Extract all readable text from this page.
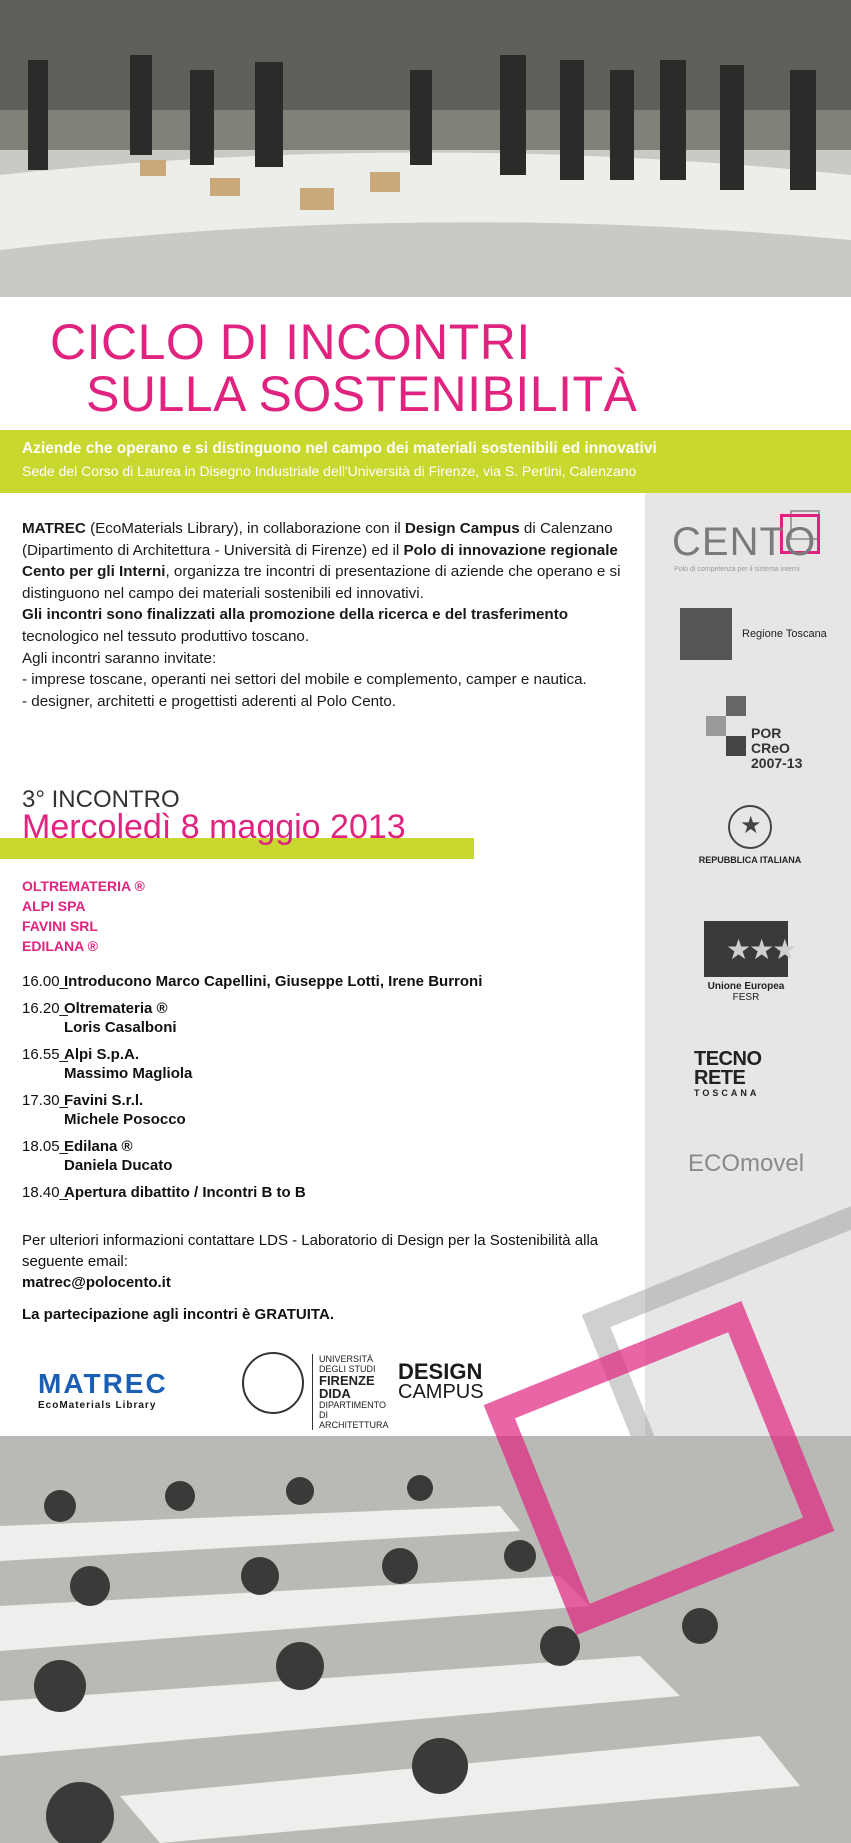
CICLO DI INCONTRI
SULLA SOSTENIBILITÀ
Aziende che operano e si distinguono nel campo dei materiali sostenibili ed innovativi
Sede del Corso di Laurea in Disegno Industriale dell'Università di Firenze, via S. Pertini, Calenzano
CENTO
Polo di competenza per il sistema interni
Regione Toscana
POR
CReO
2007-13
★
REPUBBLICA ITALIANA
★★★
Unione Europea
FESR
TECNO
RETE
TOSCANA
ECOmovel

MATREC (EcoMaterials Library), in collaborazione con il Design Campus di Calenzano (Dipartimento di Architettura - Università di Firenze) ed il Polo di innovazione regionale Cento per gli Interni, organizza tre incontri di presentazione di aziende che operano e si distinguono nel campo dei materiali sostenibili ed innovativi.

Gli incontri sono finalizzati alla promozione della ricerca e del trasferimento tecnologico nel tessuto produttivo toscano.

Agli incontri saranno invitate:

- imprese toscane, operanti nei settori del mobile e complemento, camper e nautica.

- designer, architetti e progettisti aderenti al Polo Cento.

3° INCONTRO
Mercoledì 8 maggio 2013
OLTREMATERIA ®
ALPI SPA
FAVINI SRL
EDILANA ®
16.00_
Introducono Marco Capellini, Giuseppe Lotti, Irene Burroni
16.20_
Oltremateria ®
Loris Casalboni
16.55_
Alpi S.p.A.
Massimo Magliola
17.30_
Favini S.r.l.
Michele Posocco
18.05_
Edilana ®
Daniela Ducato
18.40_
Apertura dibattito / Incontri B to B
Per ulteriori informazioni contattare LDS - Laboratorio di Design per la Sostenibilità alla seguente email:
matrec@polocento.it
La partecipazione agli incontri è GRATUITA.
MATREC
EcoMaterials Library
UNIVERSITÀ
DEGLI STUDI
FIRENZE
DIDA
DIPARTIMENTO DI ARCHITETTURA
DESIGN
CAMPUS
